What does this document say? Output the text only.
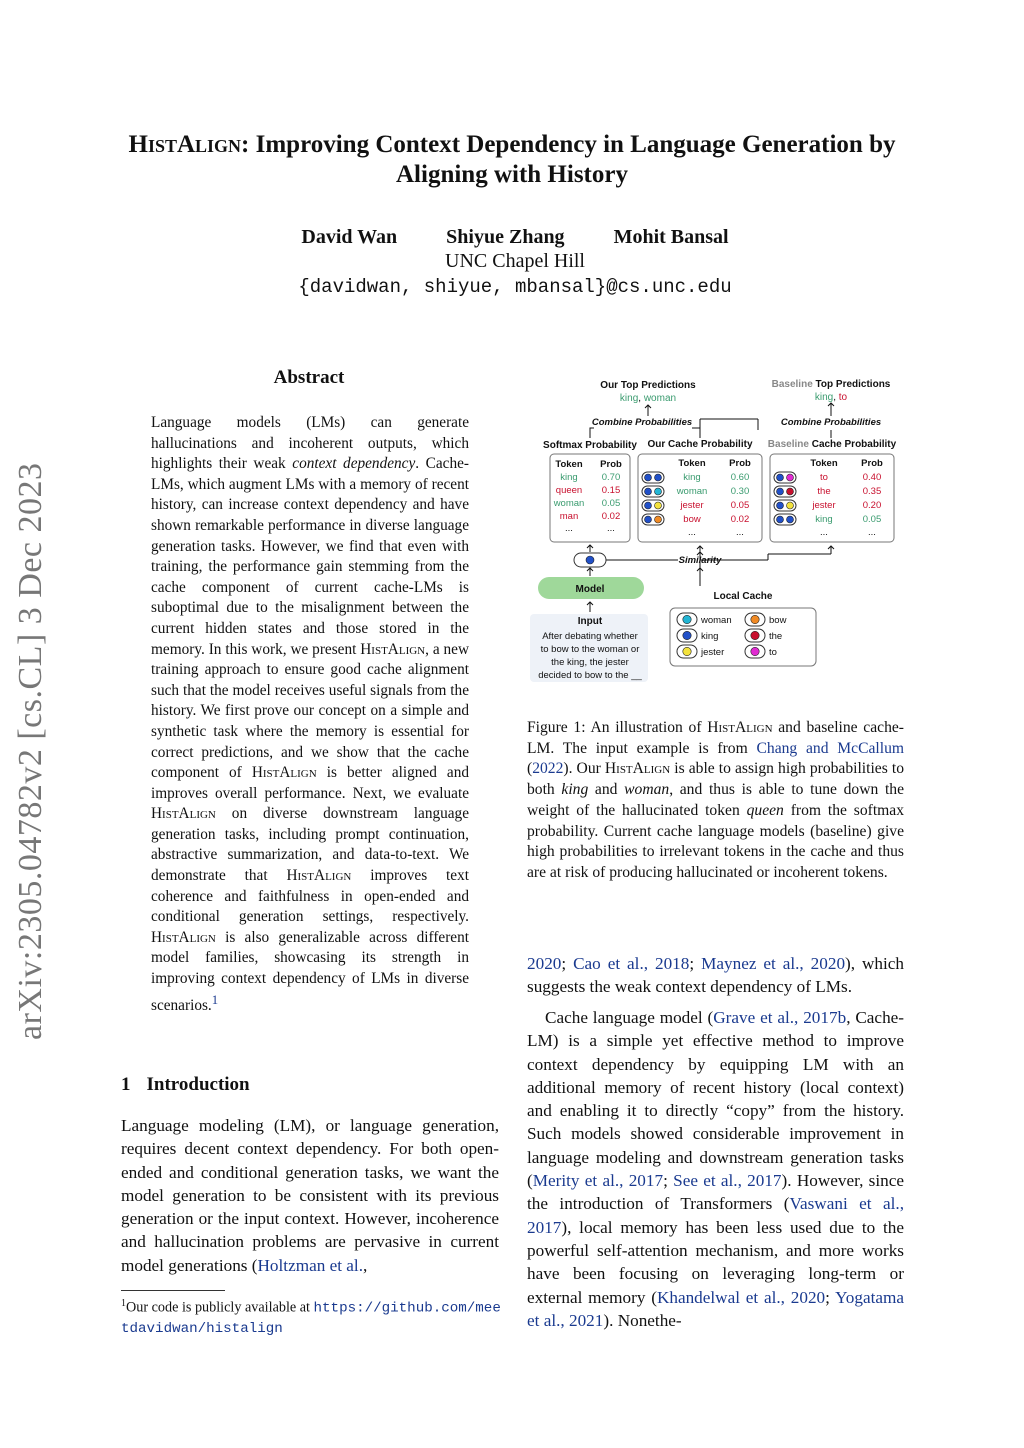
arXiv:2305.04782v2 [cs.CL] 3 Dec 2023
HistAlign: Improving Context Dependency in Language Generation by Aligning with History
David Wan Shiyue Zhang Mohit Bansal
UNC Chapel Hill
{davidwan, shiyue, mbansal}@cs.unc.edu
Abstract
Language models (LMs) can generate hallucinations and incoherent outputs, which highlights their weak context dependency. Cache-LMs, which augment LMs with a memory of recent history, can increase context dependency and have shown remarkable performance in diverse language generation tasks. However, we find that even with training, the performance gain stemming from the cache component of current cache-LMs is suboptimal due to the misalignment between the current hidden states and those stored in the memory. In this work, we present HistAlign, a new training approach to ensure good cache alignment such that the model receives useful signals from the history. We first prove our concept on a simple and synthetic task where the memory is essential for correct predictions, and we show that the cache component of HistAlign is better aligned and improves overall performance. Next, we evaluate HistAlign on diverse downstream language generation tasks, including prompt continuation, abstractive summarization, and data-to-text. We demonstrate that HistAlign improves text coherence and faithfulness in open-ended and conditional generation settings, respectively. HistAlign is also generalizable across different model families, showcasing its strength in improving context dependency of LMs in diverse scenarios.$^1$
1 Introduction
Language modeling (LM), or language generation, requires decent context dependency. For both open-ended and conditional generation tasks, we want the model generation to be consistent with its previous generation or the input context. However, incoherence and hallucination problems are pervasive in current model generations (Holtzman et al.,
$^1$Our code is publicly available at https://github.com/meetdavidwan/histalign
Our Top Predictions
king, woman
Baseline Top Predictions
king, to
Combine Probabilities	Combine Probabilities
Softmax Probability Our Cache Probability Baseline Cache Probability
Token Prob
king	0.70
queen 0.15
woman 0.05
man 0.02
...	...
Token Prob
king	0.60
woman 0.30
jester	0.05
bow	0.02
...	...
Token Prob
to	0.40
the	0.35
jester	0.20
king	0.05
...	...
Similarity
Model
Input
After debating whether
to bow to the woman or
the king, the jester
decided to bow to the __
Local Cache
woman
king
jester
bow
the
to
Figure 1: An illustration of HistAlign and baseline cache-LM. The input example is from Chang and McCallum (2022). Our HistAlign is able to assign high probabilities to both king and woman, and thus is able to tune down the weight of the hallucinated token queen from the softmax probability. Current cache language models (baseline) give high probabilities to irrelevant tokens in the cache and thus are at risk of producing hallucinated or incoherent tokens.
2020; Cao et al., 2018; Maynez et al., 2020), which suggests the weak context dependency of LMs.
Cache language model (Grave et al., 2017b, Cache-LM) is a simple yet effective method to improve context dependency by equipping LM with an additional memory of recent history (local context) and enabling it to directly “copy” from the history. Such models showed considerable improvement in language modeling and downstream generation tasks (Merity et al., 2017; See et al., 2017). However, since the introduction of Transformers (Vaswani et al., 2017), local memory has been less used due to the powerful self-attention mechanism, and more works have been focusing on leveraging long-term or external memory (Khandelwal et al., 2020; Yogatama et al., 2021). Nonethe-
